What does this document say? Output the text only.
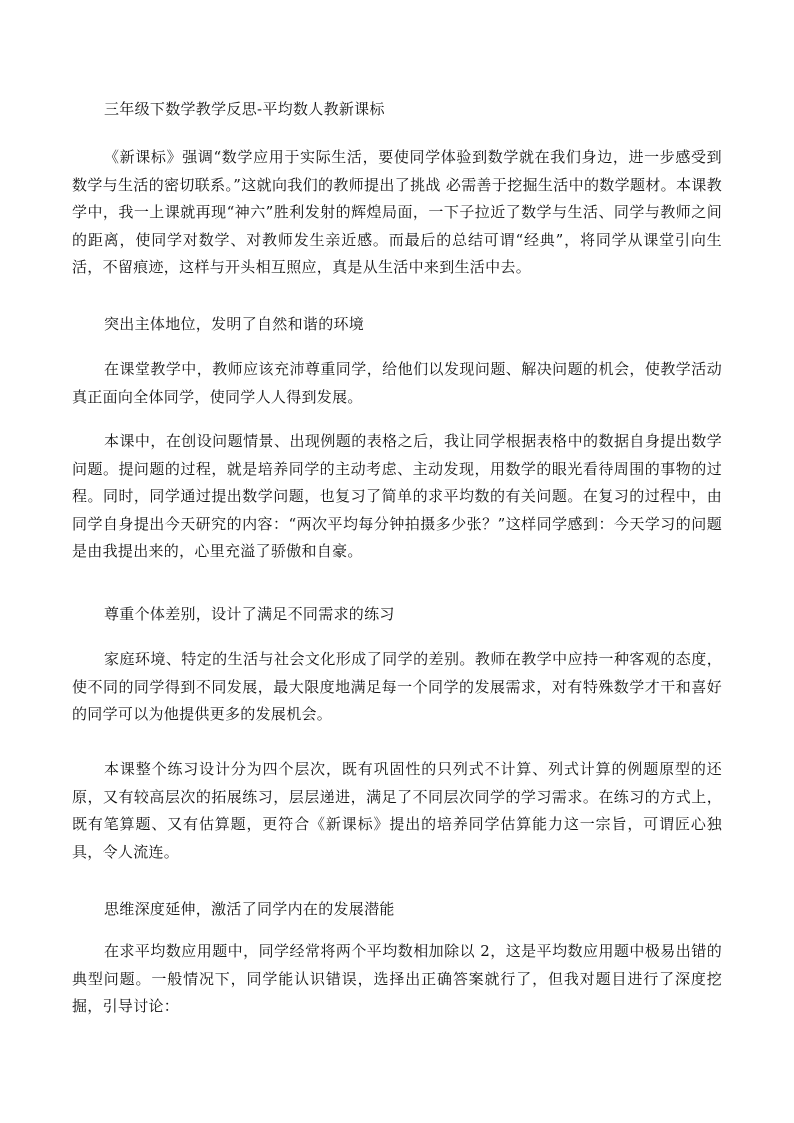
三年级下数学教学反思-平均数人教新课标

《新课标》强调“数学应用于实际生活，要使同学体验到数学就在我们身边，进一步感受到数学与生活的密切联系。”这就向我们的教师提出了挑战 必需善于挖掘生活中的数学题材。本课教学中，我一上课就再现“神六”胜利发射的辉煌局面，一下子拉近了数学与生活、同学与教师之间的距离，使同学对数学、对教师发生亲近感。而最后的总结可谓“经典”，将同学从课堂引向生活，不留痕迹，这样与开头相互照应，真是从生活中来到生活中去。

突出主体地位，发明了自然和谐的环境

在课堂教学中，教师应该充沛尊重同学，给他们以发现问题、解决问题的机会，使教学活动真正面向全体同学，使同学人人得到发展。

本课中，在创设问题情景、出现例题的表格之后，我让同学根据表格中的数据自身提出数学问题。提问题的过程，就是培养同学的主动考虑、主动发现，用数学的眼光看待周围的事物的过程。同时，同学通过提出数学问题，也复习了简单的求平均数的有关问题。在复习的过程中，由同学自身提出今天研究的内容：“两次平均每分钟拍摄多少张？”这样同学感到：今天学习的问题是由我提出来的，心里充溢了骄傲和自豪。

尊重个体差别，设计了满足不同需求的练习

家庭环境、特定的生活与社会文化形成了同学的差别。教师在教学中应持一种客观的态度，使不同的同学得到不同发展，最大限度地满足每一个同学的发展需求，对有特殊数学才干和喜好的同学可以为他提供更多的发展机会。

本课整个练习设计分为四个层次，既有巩固性的只列式不计算、列式计算的例题原型的还原，又有较高层次的拓展练习，层层递进，满足了不同层次同学的学习需求。在练习的方式上，既有笔算题、又有估算题，更符合《新课标》提出的培养同学估算能力这一宗旨，可谓匠心独具，令人流连。

思维深度延伸，激活了同学内在的发展潜能

在求平均数应用题中，同学经常将两个平均数相加除以 2，这是平均数应用题中极易出错的典型问题。一般情况下，同学能认识错误，选择出正确答案就行了，但我对题目进行了深度挖掘，引导讨论：
